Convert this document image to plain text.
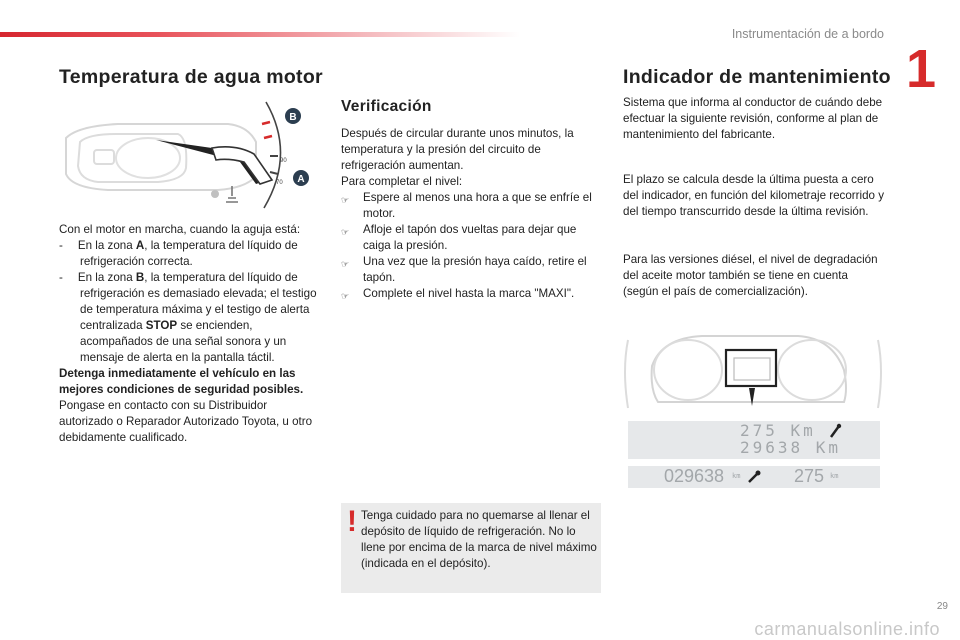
Instrumentación de a bordo
1
Temperatura de agua motor
B
A
90
70

Con el motor en marcha, cuando la aguja está:

- En la zona A, la temperatura del líquido de refrigeración correcta.

- En la zona B, la temperatura del líquido de refrigeración es demasiado elevada; el testigo de temperatura máxima y el testigo de alerta centralizada STOP se encienden, acompañados de una señal sonora y un mensaje de alerta en la pantalla táctil.

Detenga inmediatamente el vehículo en las mejores condiciones de seguridad posibles.

Pongase en contacto con su Distribuidor autorizado o Reparador Autorizado Toyota, u otro debidamente cualificado.

Verificación

Después de circular durante unos minutos, la temperatura y la presión del circuito de refrigeración aumentan.

Para completar el nivel:

☞	Espere al menos una hora a que se enfríe el motor.
☞	Afloje el tapón dos vueltas para dejar que caiga la presión.
☞	Una vez que la presión haya caído, retire el tapón.
☞	Complete el nivel hasta la marca "MAXI".
! Tenga cuidado para no quemarse al llenar el depósito de líquido de refrigeración. No lo llene por encima de la marca de nivel máximo (indicada en el depósito).
Indicador de mantenimiento
Sistema que informa al conductor de cuándo debe efectuar la siguiente revisión, conforme al plan de mantenimiento del fabricante.
El plazo se calcula desde la última puesta a cero del indicador, en función del kilometraje recorrido y del tiempo transcurrido desde la última revisión.
Para las versiones diésel, el nivel de degradación del aceite motor también se tiene en cuenta (según el país de comercialización).
275 Km
29638 Km
029638 km	275 km
carmanualsonline.info
29
